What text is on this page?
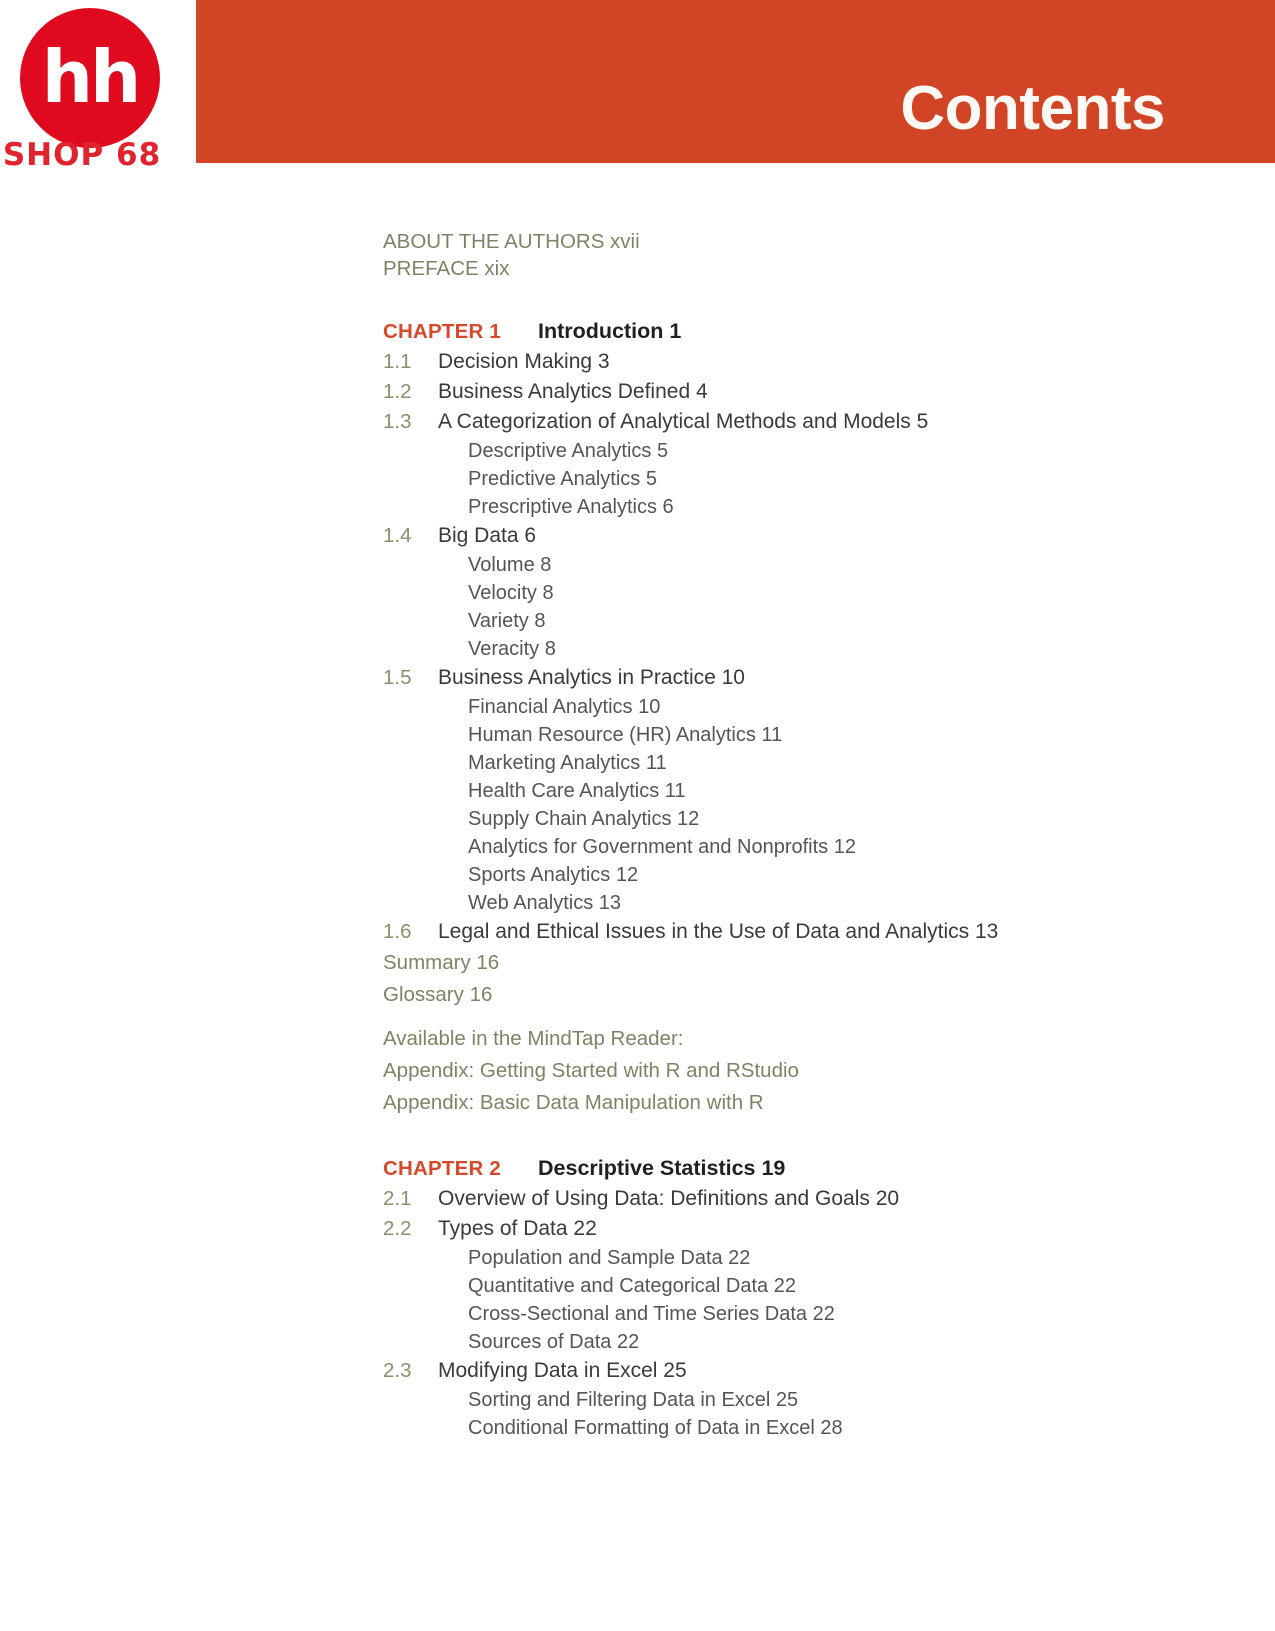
Contents
hh
SHOP 68
ABOUT THE AUTHORS xvii
PREFACE xix
CHAPTER 1	Introduction 1
1.1	Decision Making 3
1.2	Business Analytics Defined 4
1.3	A Categorization of Analytical Methods and Models 5
Descriptive Analytics 5
Predictive Analytics 5
Prescriptive Analytics 6
1.4	Big Data 6
Volume 8
Velocity 8
Variety 8
Veracity 8
1.5	Business Analytics in Practice 10
Financial Analytics 10
Human Resource (HR) Analytics 11
Marketing Analytics 11
Health Care Analytics 11
Supply Chain Analytics 12
Analytics for Government and Nonprofits 12
Sports Analytics 12
Web Analytics 13
1.6	Legal and Ethical Issues in the Use of Data and Analytics 13
Summary 16
Glossary 16
Available in the MindTap Reader:
Appendix: Getting Started with R and RStudio
Appendix: Basic Data Manipulation with R
CHAPTER 2	Descriptive Statistics 19
2.1	Overview of Using Data: Definitions and Goals 20
2.2	Types of Data 22
Population and Sample Data 22
Quantitative and Categorical Data 22
Cross-Sectional and Time Series Data 22
Sources of Data 22
2.3	Modifying Data in Excel 25
Sorting and Filtering Data in Excel 25
Conditional Formatting of Data in Excel 28
